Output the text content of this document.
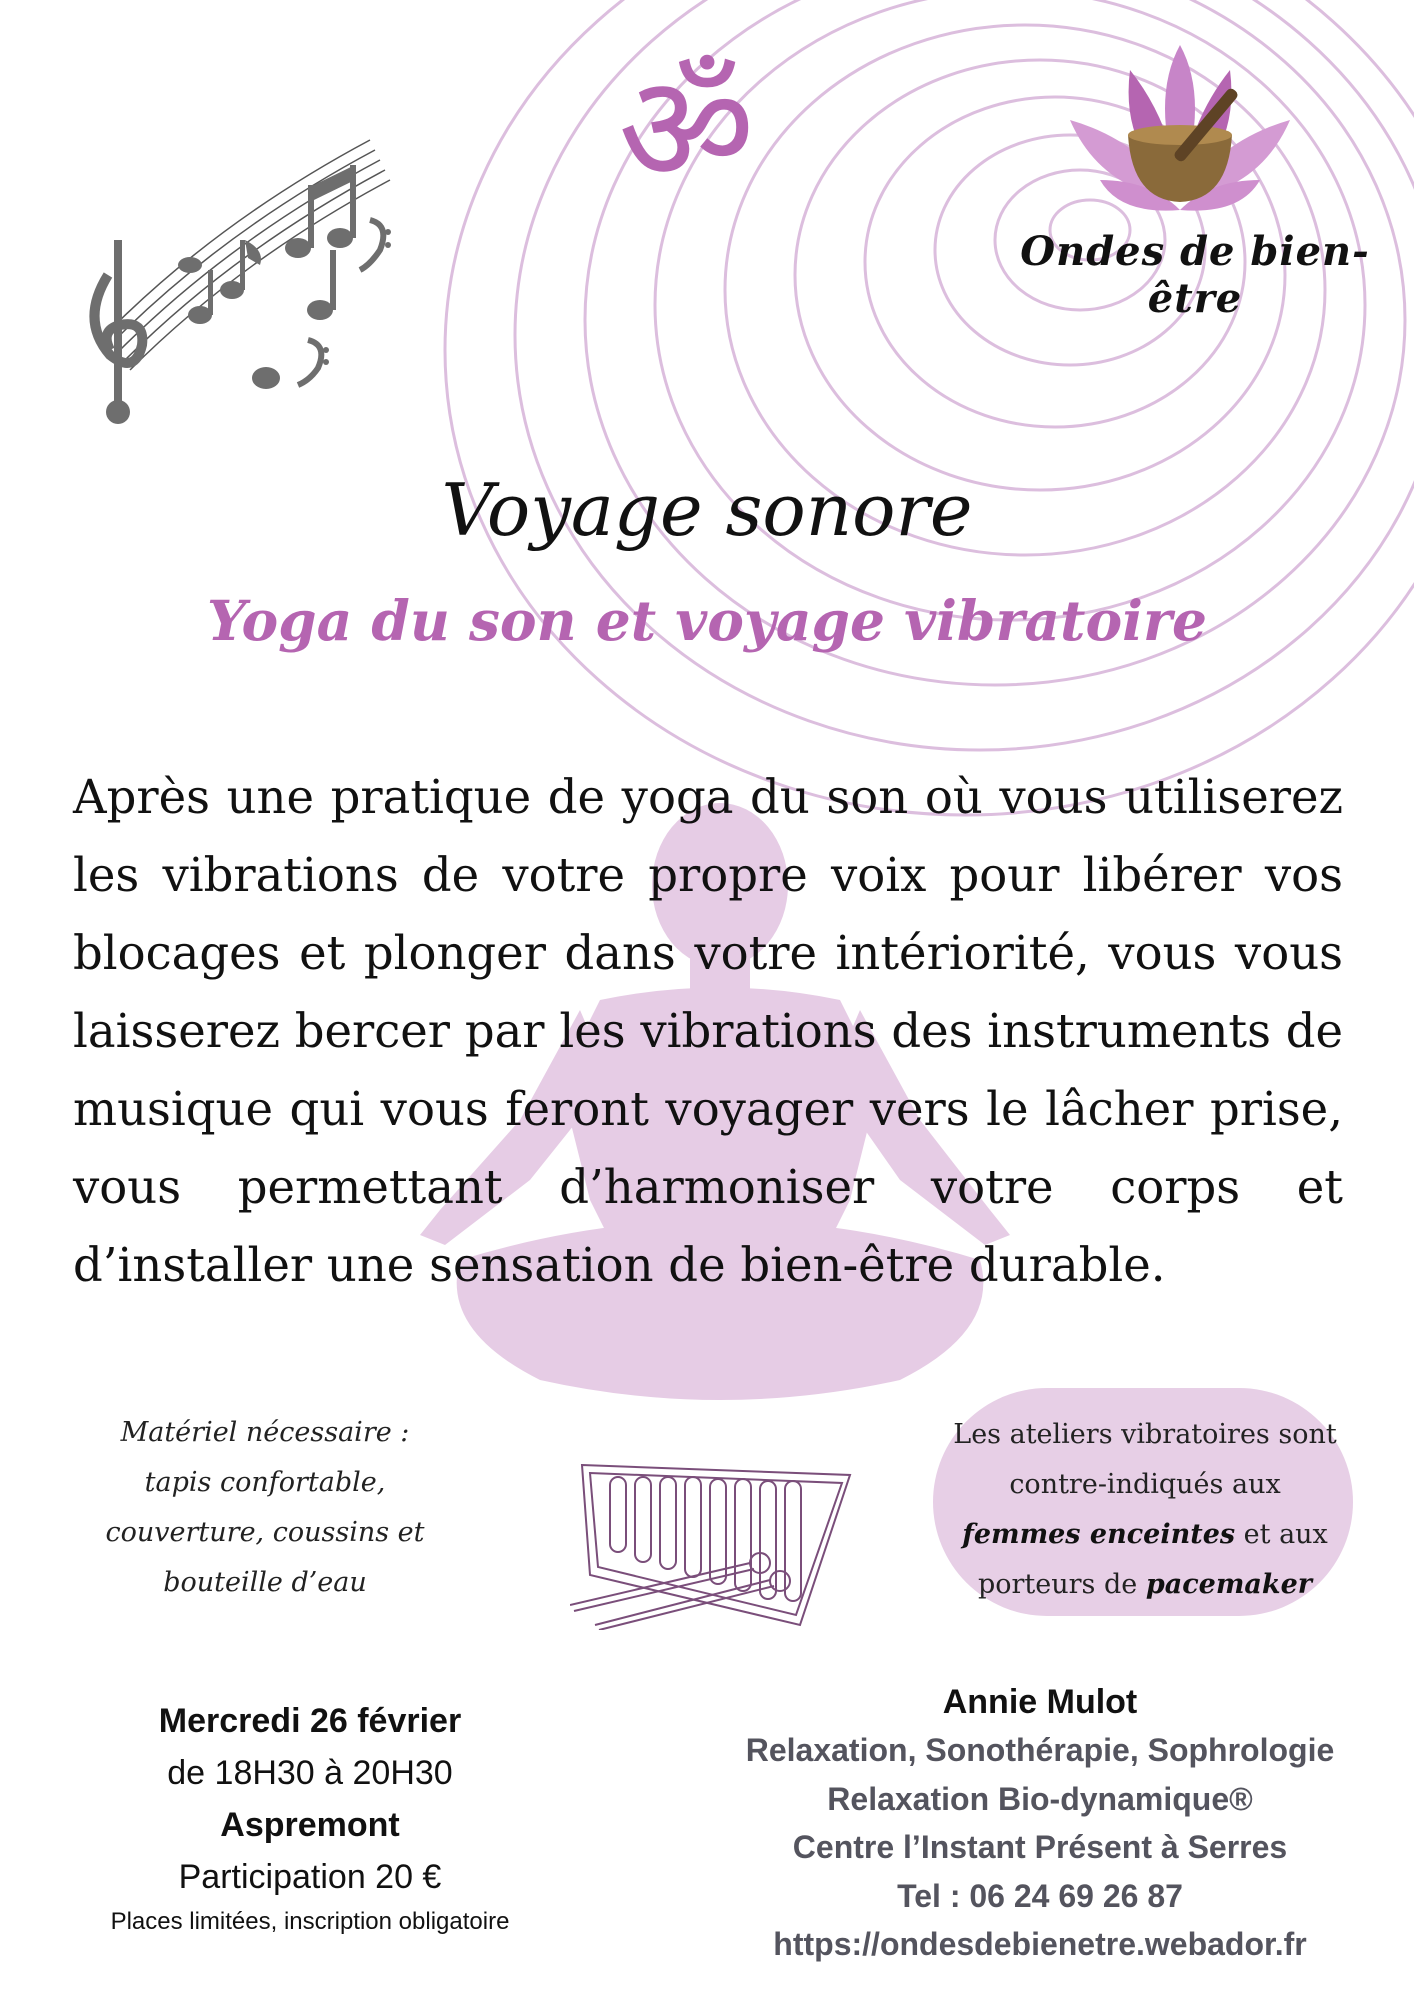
ॐ
Ondes de bien-être
Voyage sonore
Yoga du son et voyage vibratoire
Après une pratique de yoga du son où vous utiliserez les vibrations de votre propre voix pour libérer vos blocages et plonger dans votre intériorité, vous vous laisserez bercer par les vibrations des instruments de musique qui vous feront voyager vers le lâcher prise, vous permettant d’harmoniser votre corps et d’installer une sensation de bien-être durable.
Matériel nécessaire :
tapis confortable,
couverture, coussins et
bouteille d’eau
Les ateliers vibratoires sont
contre-indiqués aux
femmes enceintes et aux
porteurs de pacemaker
Mercredi 26 février
de 18H30 à 20H30
Aspremont
Participation 20 €
Places limitées, inscription obligatoire
Annie Mulot
Relaxation, Sonothérapie, Sophrologie
Relaxation Bio-dynamique®
Centre l’Instant Présent à Serres
Tel : 06 24 69 26 87
https://ondesdebienetre.webador.fr
